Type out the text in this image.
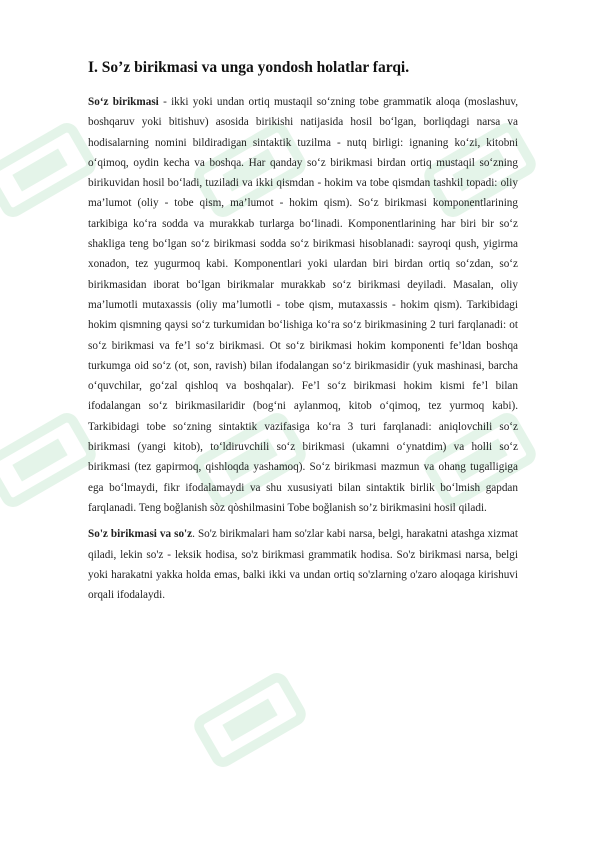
I. So’z birikmasi va unga yondosh holatlar farqi.

So‘z birikmasi - ikki yoki undan ortiq mustaqil so‘zning tobe grammatik aloqa (moslashuv, boshqaruv yoki bitishuv) asosida birikishi natijasida hosil bo‘lgan, borliqdagi narsa va hodisalarning nomini bildiradigan sintaktik tuzilma - nutq birligi: ignaning ko‘zi, kitobni o‘qimoq, oydin kecha va boshqa. Har qanday so‘z birikmasi birdan ortiq mustaqil so‘zning birikuvidan hosil bo‘ladi, tuziladi va ikki qismdan - hokim va tobe qismdan tashkil topadi: oliy ma’lumot (oliy - tobe qism, ma’lumot - hokim qism). So‘z birikmasi komponentlarining tarkibiga ko‘ra sodda va murakkab turlarga bo‘linadi. Komponentlarining har biri bir so‘z shakliga teng bo‘lgan so‘z birikmasi sodda so‘z birikmasi hisoblanadi: sayroqi qush, yigirma xonadon, tez yugurmoq kabi. Komponentlari yoki ulardan biri birdan ortiq so‘zdan, so‘z birikmasidan iborat bo‘lgan birikmalar murakkab so‘z birikmasi deyiladi. Masalan, oliy ma’lumotli mutaxassis (oliy ma’lumotli - tobe qism, mutaxassis - hokim qism). Tarkibidagi hokim qismning qaysi so‘z turkumidan bo‘lishiga ko‘ra so‘z birikmasining 2 turi farqlanadi: ot so‘z birikmasi va fe’l so‘z birikmasi. Ot so‘z birikmasi hokim komponenti fe’ldan boshqa turkumga oid so‘z (ot, son, ravish) bilan ifodalangan so‘z birikmasidir (yuk mashinasi, barcha o‘quvchilar, go‘zal qishloq va boshqalar). Fe’l so‘z birikmasi hokim kismi fe’l bilan ifodalangan so‘z birikmasilaridir (bog‘ni aylanmoq, kitob o‘qimoq, tez yurmoq kabi). Tarkibidagi tobe so‘zning sintaktik vazifasiga ko‘ra 3 turi farqlanadi: aniqlovchili so‘z birikmasi (yangi kitob), to‘ldiruvchili so‘z birikmasi (ukamni o‘ynatdim) va holli so‘z birikmasi (tez gapirmoq, qishloqda yashamoq). So‘z birikmasi mazmun va ohang tugalligiga ega bo‘lmaydi, fikr ifodalamaydi va shu xususiyati bilan sintaktik birlik bo‘lmish gapdan farqlanadi. Teng boğlanish sòz qòshilmasini Tobe boğlanish so’z birikmasini hosil qiladi.

So'z birikmasi va so'z. So'z birikmalari ham so'zlar kabi narsa, belgi, harakatni atashga xizmat qiladi, lekin so'z - leksik hodisa, so'z birikmasi grammatik hodisa. So'z birikmasi narsa, belgi yoki harakatni yakka holda emas, balki ikki va undan ortiq so'zlarning o'zaro aloqaga kirishuvi orqali ifodalaydi.
